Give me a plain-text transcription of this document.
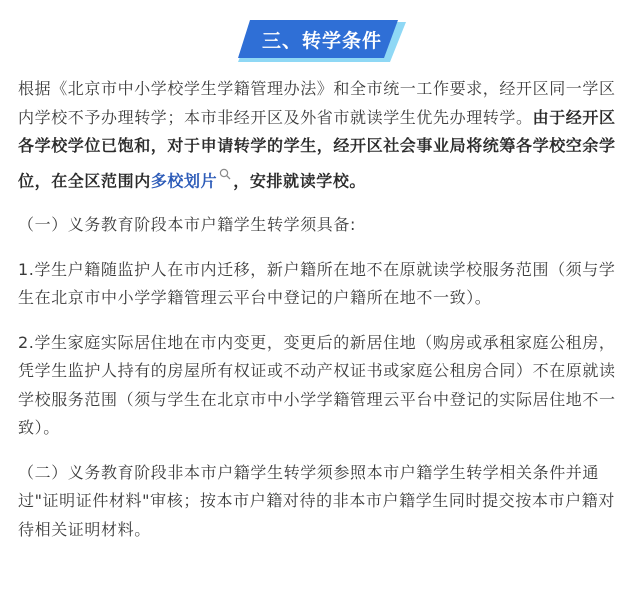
三、转学条件

根据《北京市中小学校学生学籍管理办法》和全市统一工作要求，经开区同一学区内学校不予办理转学；本市非经开区及外省市就读学生优先办理转学。由于经开区各学校学位已饱和，对于申请转学的学生，经开区社会事业局将统筹各学校空余学位，在全区范围内多校划片 ，安排就读学校。

（一）义务教育阶段本市户籍学生转学须具备:

1.学生户籍随监护人在市内迁移，新户籍所在地不在原就读学校服务范围（须与学生在北京市中小学学籍管理云平台中登记的户籍所在地不一致）。

2.学生家庭实际居住地在市内变更，变更后的新居住地（购房或承租家庭公租房，凭学生监护人持有的房屋所有权证或不动产权证书或家庭公租房合同）不在原就读学校服务范围（须与学生在北京市中小学学籍管理云平台中登记的实际居住地不一致）。

（二）义务教育阶段非本市户籍学生转学须参照本市户籍学生转学相关条件并通过"证明证件材料"审核；按本市户籍对待的非本市户籍学生同时提交按本市户籍对待相关证明材料。
